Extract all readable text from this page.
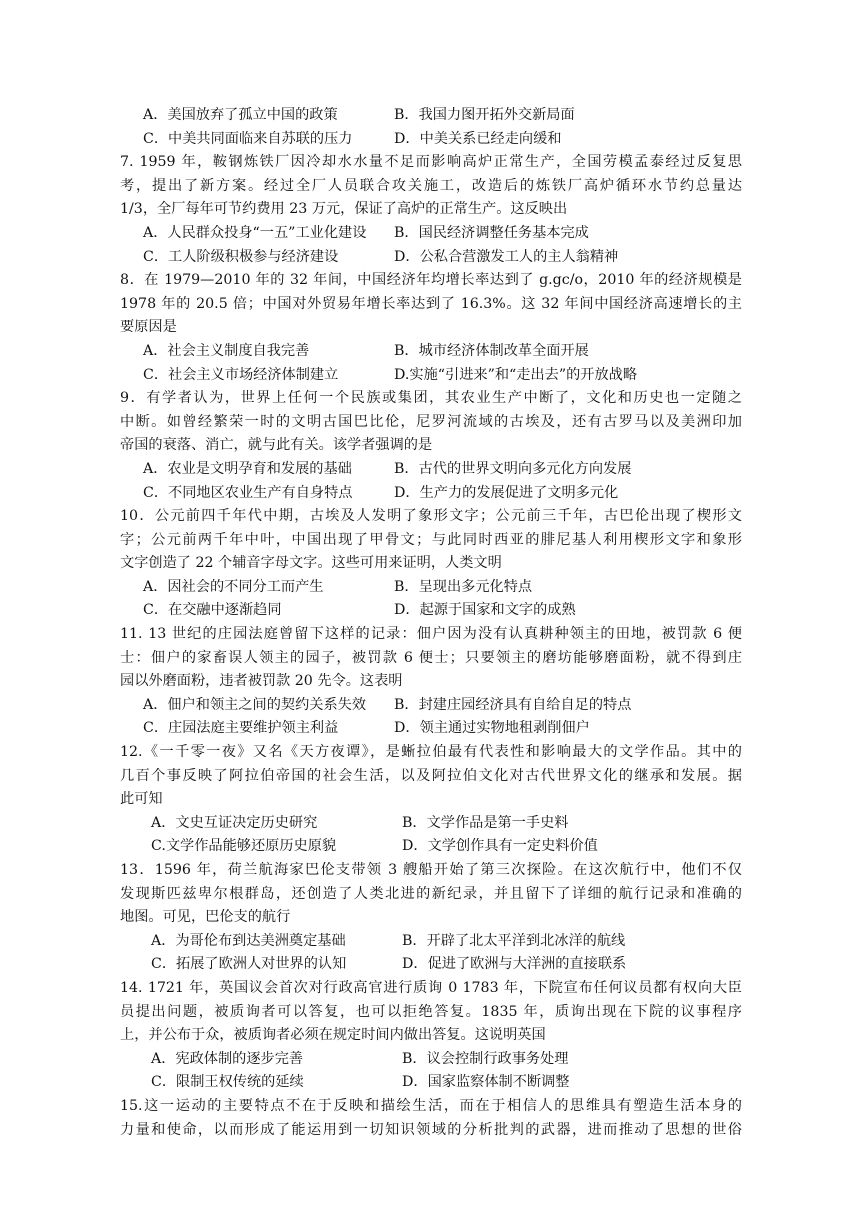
A．美国放弃了孤立中国的政策	B．我国力图开拓外交新局面
C．中美共同面临来自苏联的压力	D．中美关系已经走向缓和
7. 1959 年，鞍钢炼铁厂因冷却水水量不足而影响高炉正常生产，全国劳模孟泰经过反复思
考，提出了新方案。经过全厂人员联合攻关施工，改造后的炼铁厂高炉循环水节约总量达
1/3，全厂每年可节约费用 23 万元，保证了高炉的正常生产。这反映出
A．人民群众投身“一五”工业化建设 B．国民经济调整任务基本完成
C．工人阶级积极参与经济建设	D．公私合营激发工人的主人翁精神
8．在 1979—2010 年的 32 年间，中国经济年均增长率达到了 g.gc/o，2010 年的经济规模是
1978 年的 20.5 倍；中国对外贸易年增长率达到了 16.3%。这 32 年间中国经济高速增长的主
要原因是
A．社会主义制度自我完善	B．城市经济体制改革全面开展
C．社会主义市场经济体制建立	D.实施“引进来”和“走出去”的开放战略
9．有学者认为，世界上任何一个民族或集团，其农业生产中断了，文化和历史也一定随之
中断。如曾经繁荣一时的文明古国巴比伦，尼罗河流域的古埃及，还有古罗马以及美洲印加
帝国的衰落、消亡，就与此有关。该学者强调的是
A．农业是文明孕育和发展的基础	B．古代的世界文明向多元化方向发展
C．不同地区农业生产有自身特点	D．生产力的发展促进了文明多元化
10．公元前四千年代中期，古埃及人发明了象形文字；公元前三千年，古巴伦出现了楔形文
字；公元前两千年中叶，中国出现了甲骨文；与此同时西亚的腓尼基人利用楔形文字和象形
文字创造了 22 个辅音字母文字。这些可用来证明，人类文明
A．因社会的不同分工而产生	B．呈现出多元化特点
C．在交融中逐渐趋同	D．起源于国家和文字的成熟
11. 13 世纪的庄园法庭曾留下这样的记录：佃户因为没有认真耕种领主的田地，被罚款 6 便
士：佃户的家畜误人领主的园子，被罚款 6 便士；只要领主的磨坊能够磨面粉，就不得到庄
园以外磨面粉，违者被罚款 20 先令。这表明
A．佃户和领主之间的契约关系失效 B．封建庄园经济具有自给自足的特点
C．庄园法庭主要维护领主利益	D．领主通过实物地租剥削佃户
12.《一千零一夜》又名《天方夜谭》，是蜥拉伯最有代表性和影响最大的文学作品。其中的
几百个事反映了阿拉伯帝国的社会生活，以及阿拉伯文化对古代世界文化的继承和发展。据
此可知
A．文史互证决定历史研究	B．文学作品是第一手史料
C.文学作品能够还原历史原貌	D．文学创作具有一定史料价值
13．1596 年，荷兰航海家巴伦支带领 3 艘船开始了第三次探险。在这次航行中，他们不仅
发现斯匹兹卑尔根群岛，还创造了人类北进的新纪录，并且留下了详细的航行记录和准确的
地图。可见，巴伦支的航行
A．为哥伦布到达美洲奠定基础	B．开辟了北太平洋到北冰洋的航线
C．拓展了欧洲人对世界的认知	D．促进了欧洲与大洋洲的直接联系
14. 1721 年，英国议会首次对行政高官进行质询 0 1783 年，下院宣布任何议员都有权向大臣
员提出问题，被质询者可以答复，也可以拒绝答复。1835 年，质询出现在下院的议事程序
上，并公布于众，被质询者必须在规定时间内做出答复。这说明英国
A．宪政体制的逐步完善	B．议会控制行政事务处理
C．限制王权传统的延续	D．国家监察体制不断调整
15.这一运动的主要特点不在于反映和描绘生活，而在于相信人的思维具有塑造生活本身的
力量和使命，以而形成了能运用到一切知识领域的分析批判的武器，进而推动了思想的世俗
